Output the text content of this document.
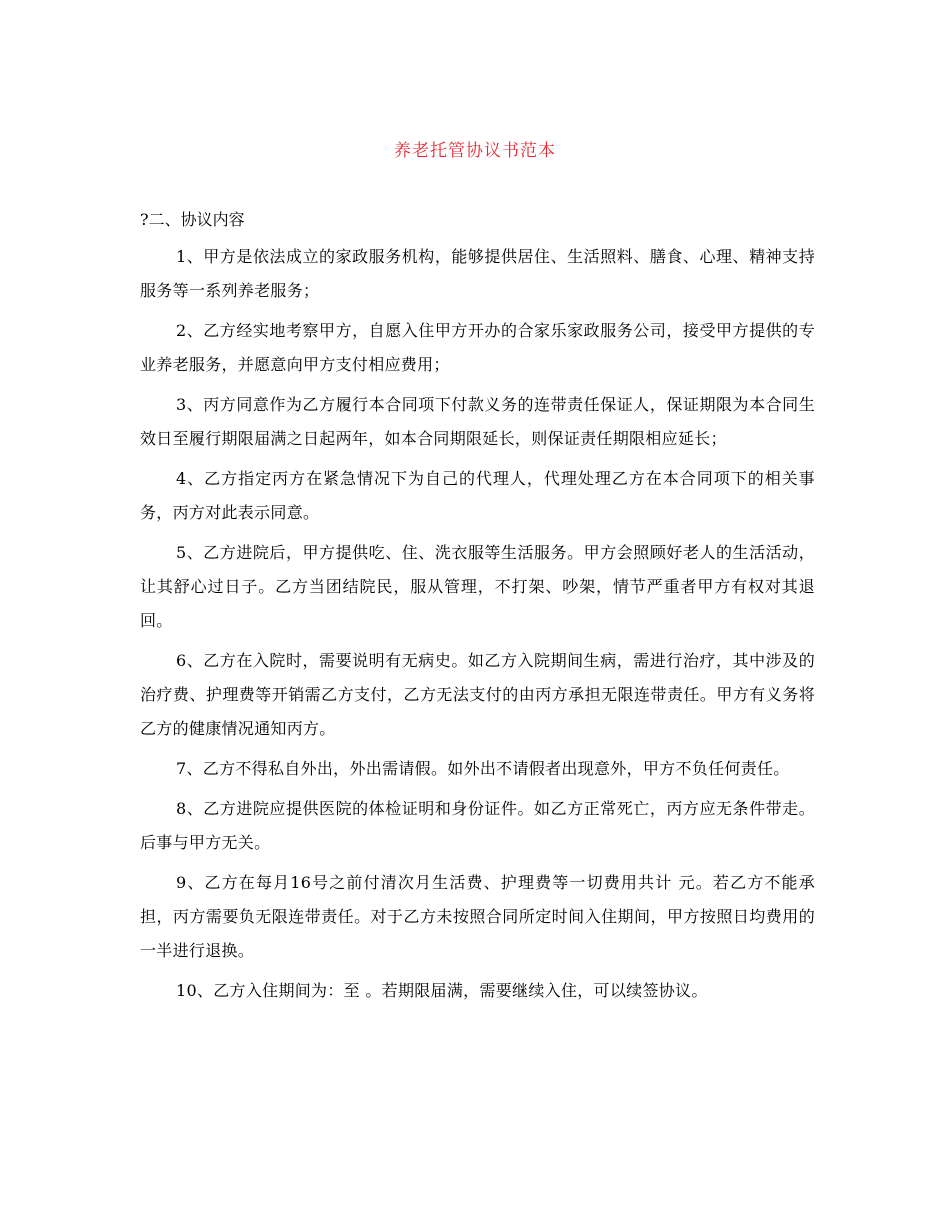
养老托管协议书范本
?二、协议内容

1、甲方是依法成立的家政服务机构，能够提供居住、生活照料、膳食、心理、精神支持服务等一系列养老服务；

2、乙方经实地考察甲方，自愿入住甲方开办的合家乐家政服务公司，接受甲方提供的专业养老服务，并愿意向甲方支付相应费用；

3、丙方同意作为乙方履行本合同项下付款义务的连带责任保证人，保证期限为本合同生效日至履行期限届满之日起两年，如本合同期限延长，则保证责任期限相应延长；

4、乙方指定丙方在紧急情况下为自己的代理人，代理处理乙方在本合同项下的相关事务，丙方对此表示同意。

5、乙方进院后，甲方提供吃、住、洗衣服等生活服务。甲方会照顾好老人的生活活动，让其舒心过日子。乙方当团结院民，服从管理，不打架、吵架，情节严重者甲方有权对其退回。

6、乙方在入院时，需要说明有无病史。如乙方入院期间生病，需进行治疗，其中涉及的治疗费、护理费等开销需乙方支付，乙方无法支付的由丙方承担无限连带责任。甲方有义务将乙方的健康情况通知丙方。

7、乙方不得私自外出，外出需请假。如外出不请假者出现意外，甲方不负任何责任。

8、乙方进院应提供医院的体检证明和身份证件。如乙方正常死亡，丙方应无条件带走。后事与甲方无关。

9、乙方在每月16号之前付清次月生活费、护理费等一切费用共计 元。若乙方不能承担，丙方需要负无限连带责任。对于乙方未按照合同所定时间入住期间，甲方按照日均费用的一半进行退换。

10、乙方入住期间为：至 。若期限届满，需要继续入住，可以续签协议。
